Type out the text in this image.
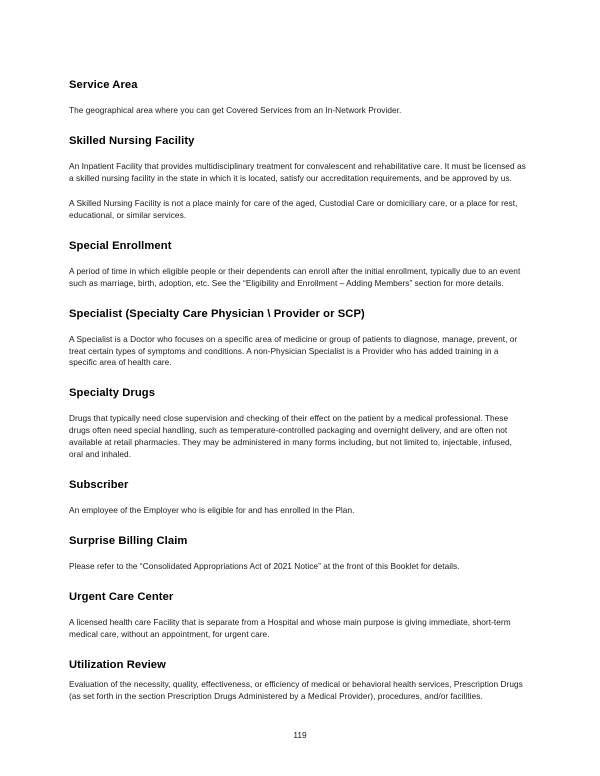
Service Area

The geographical area where you can get Covered Services from an In-Network Provider.

Skilled Nursing Facility

An Inpatient Facility that provides multidisciplinary treatment for convalescent and rehabilitative care. It must be licensed as a skilled nursing facility in the state in which it is located, satisfy our accreditation requirements, and be approved by us.

A Skilled Nursing Facility is not a place mainly for care of the aged, Custodial Care or domiciliary care, or a place for rest, educational, or similar services.

Special Enrollment

A period of time in which eligible people or their dependents can enroll after the initial enrollment, typically due to an event such as marriage, birth, adoption, etc. See the “Eligibility and Enrollment – Adding Members” section for more details.

Specialist (Specialty Care Physician \ Provider or SCP)

A Specialist is a Doctor who focuses on a specific area of medicine or group of patients to diagnose, manage, prevent, or treat certain types of symptoms and conditions. A non-Physician Specialist is a Provider who has added training in a specific area of health care.

Specialty Drugs

Drugs that typically need close supervision and checking of their effect on the patient by a medical professional. These drugs often need special handling, such as temperature-controlled packaging and overnight delivery, and are often not available at retail pharmacies. They may be administered in many forms including, but not limited to, injectable, infused, oral and inhaled.

Subscriber

An employee of the Employer who is eligible for and has enrolled in the Plan.

Surprise Billing Claim

Please refer to the “Consolidated Appropriations Act of 2021 Notice” at the front of this Booklet for details.

Urgent Care Center

A licensed health care Facility that is separate from a Hospital and whose main purpose is giving immediate, short-term medical care, without an appointment, for urgent care.

Utilization Review

Evaluation of the necessity, quality, effectiveness, or efficiency of medical or behavioral health services, Prescription Drugs (as set forth in the section Prescription Drugs Administered by a Medical Provider), procedures, and/or facilities.

119
